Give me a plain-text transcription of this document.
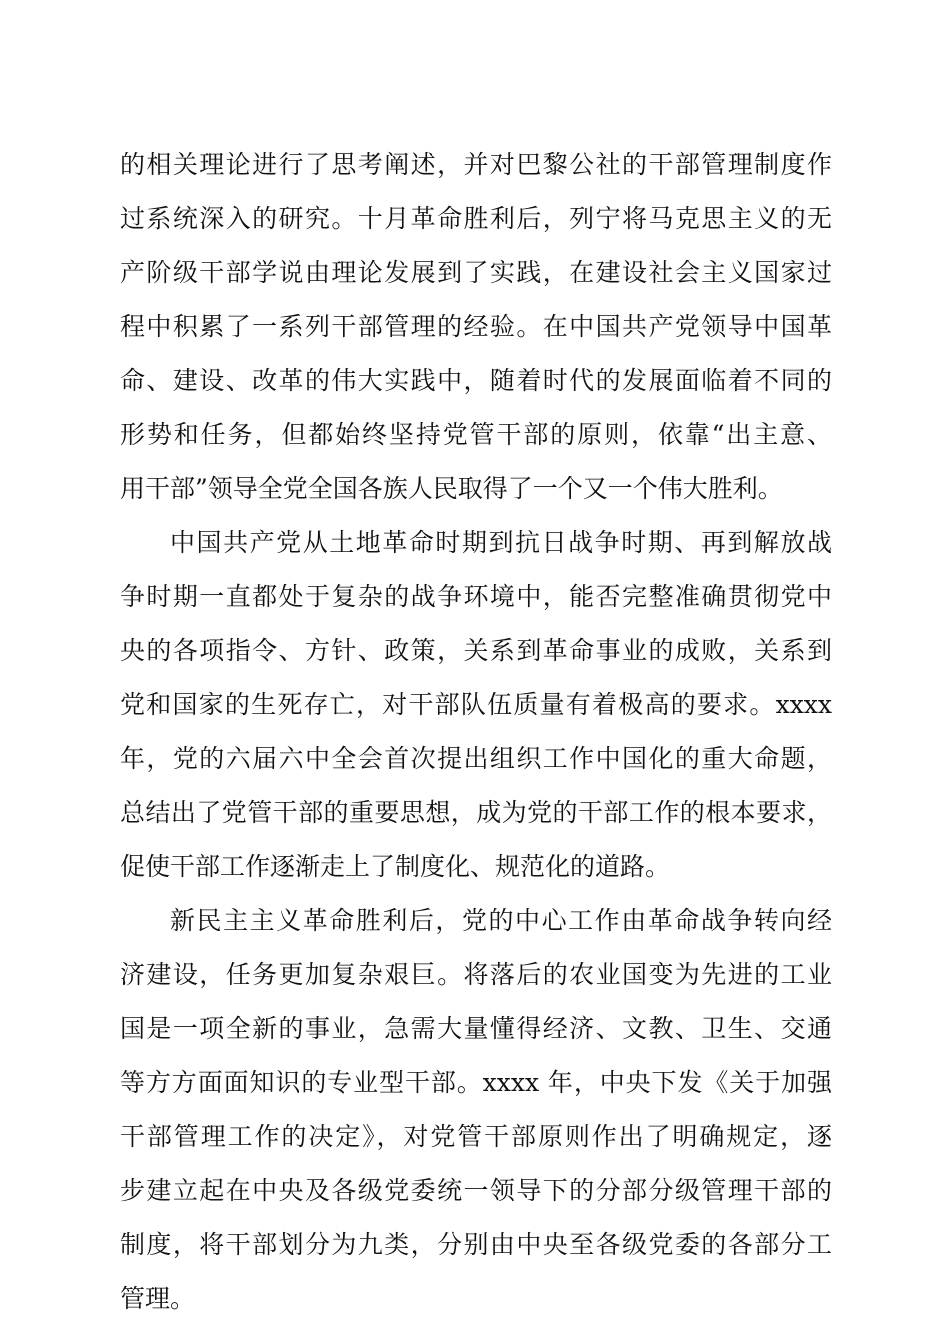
的相关理论进行了思考阐述，并对巴黎公社的干部管理制度作
过系统深入的研究。十月革命胜利后，列宁将马克思主义的无
产阶级干部学说由理论发展到了实践，在建设社会主义国家过
程中积累了一系列干部管理的经验。在中国共产党领导中国革
命、建设、改革的伟大实践中，随着时代的发展面临着不同的
形势和任务，但都始终坚持党管干部的原则，依靠“出主意、
用干部”领导全党全国各族人民取得了一个又一个伟大胜利。
中国共产党从土地革命时期到抗日战争时期、再到解放战
争时期一直都处于复杂的战争环境中，能否完整准确贯彻党中
央的各项指令、方针、政策，关系到革命事业的成败，关系到
党和国家的生死存亡，对干部队伍质量有着极高的要求。xxxx
年，党的六届六中全会首次提出组织工作中国化的重大命题，
总结出了党管干部的重要思想，成为党的干部工作的根本要求，
促使干部工作逐渐走上了制度化、规范化的道路。
新民主主义革命胜利后，党的中心工作由革命战争转向经
济建设，任务更加复杂艰巨。将落后的农业国变为先进的工业
国是一项全新的事业，急需大量懂得经济、文教、卫生、交通
等方方面面知识的专业型干部。xxxx 年，中央下发《关于加强
干部管理工作的决定》，对党管干部原则作出了明确规定，逐
步建立起在中央及各级党委统一领导下的分部分级管理干部的
制度，将干部划分为九类，分别由中央至各级党委的各部分工
管理。
